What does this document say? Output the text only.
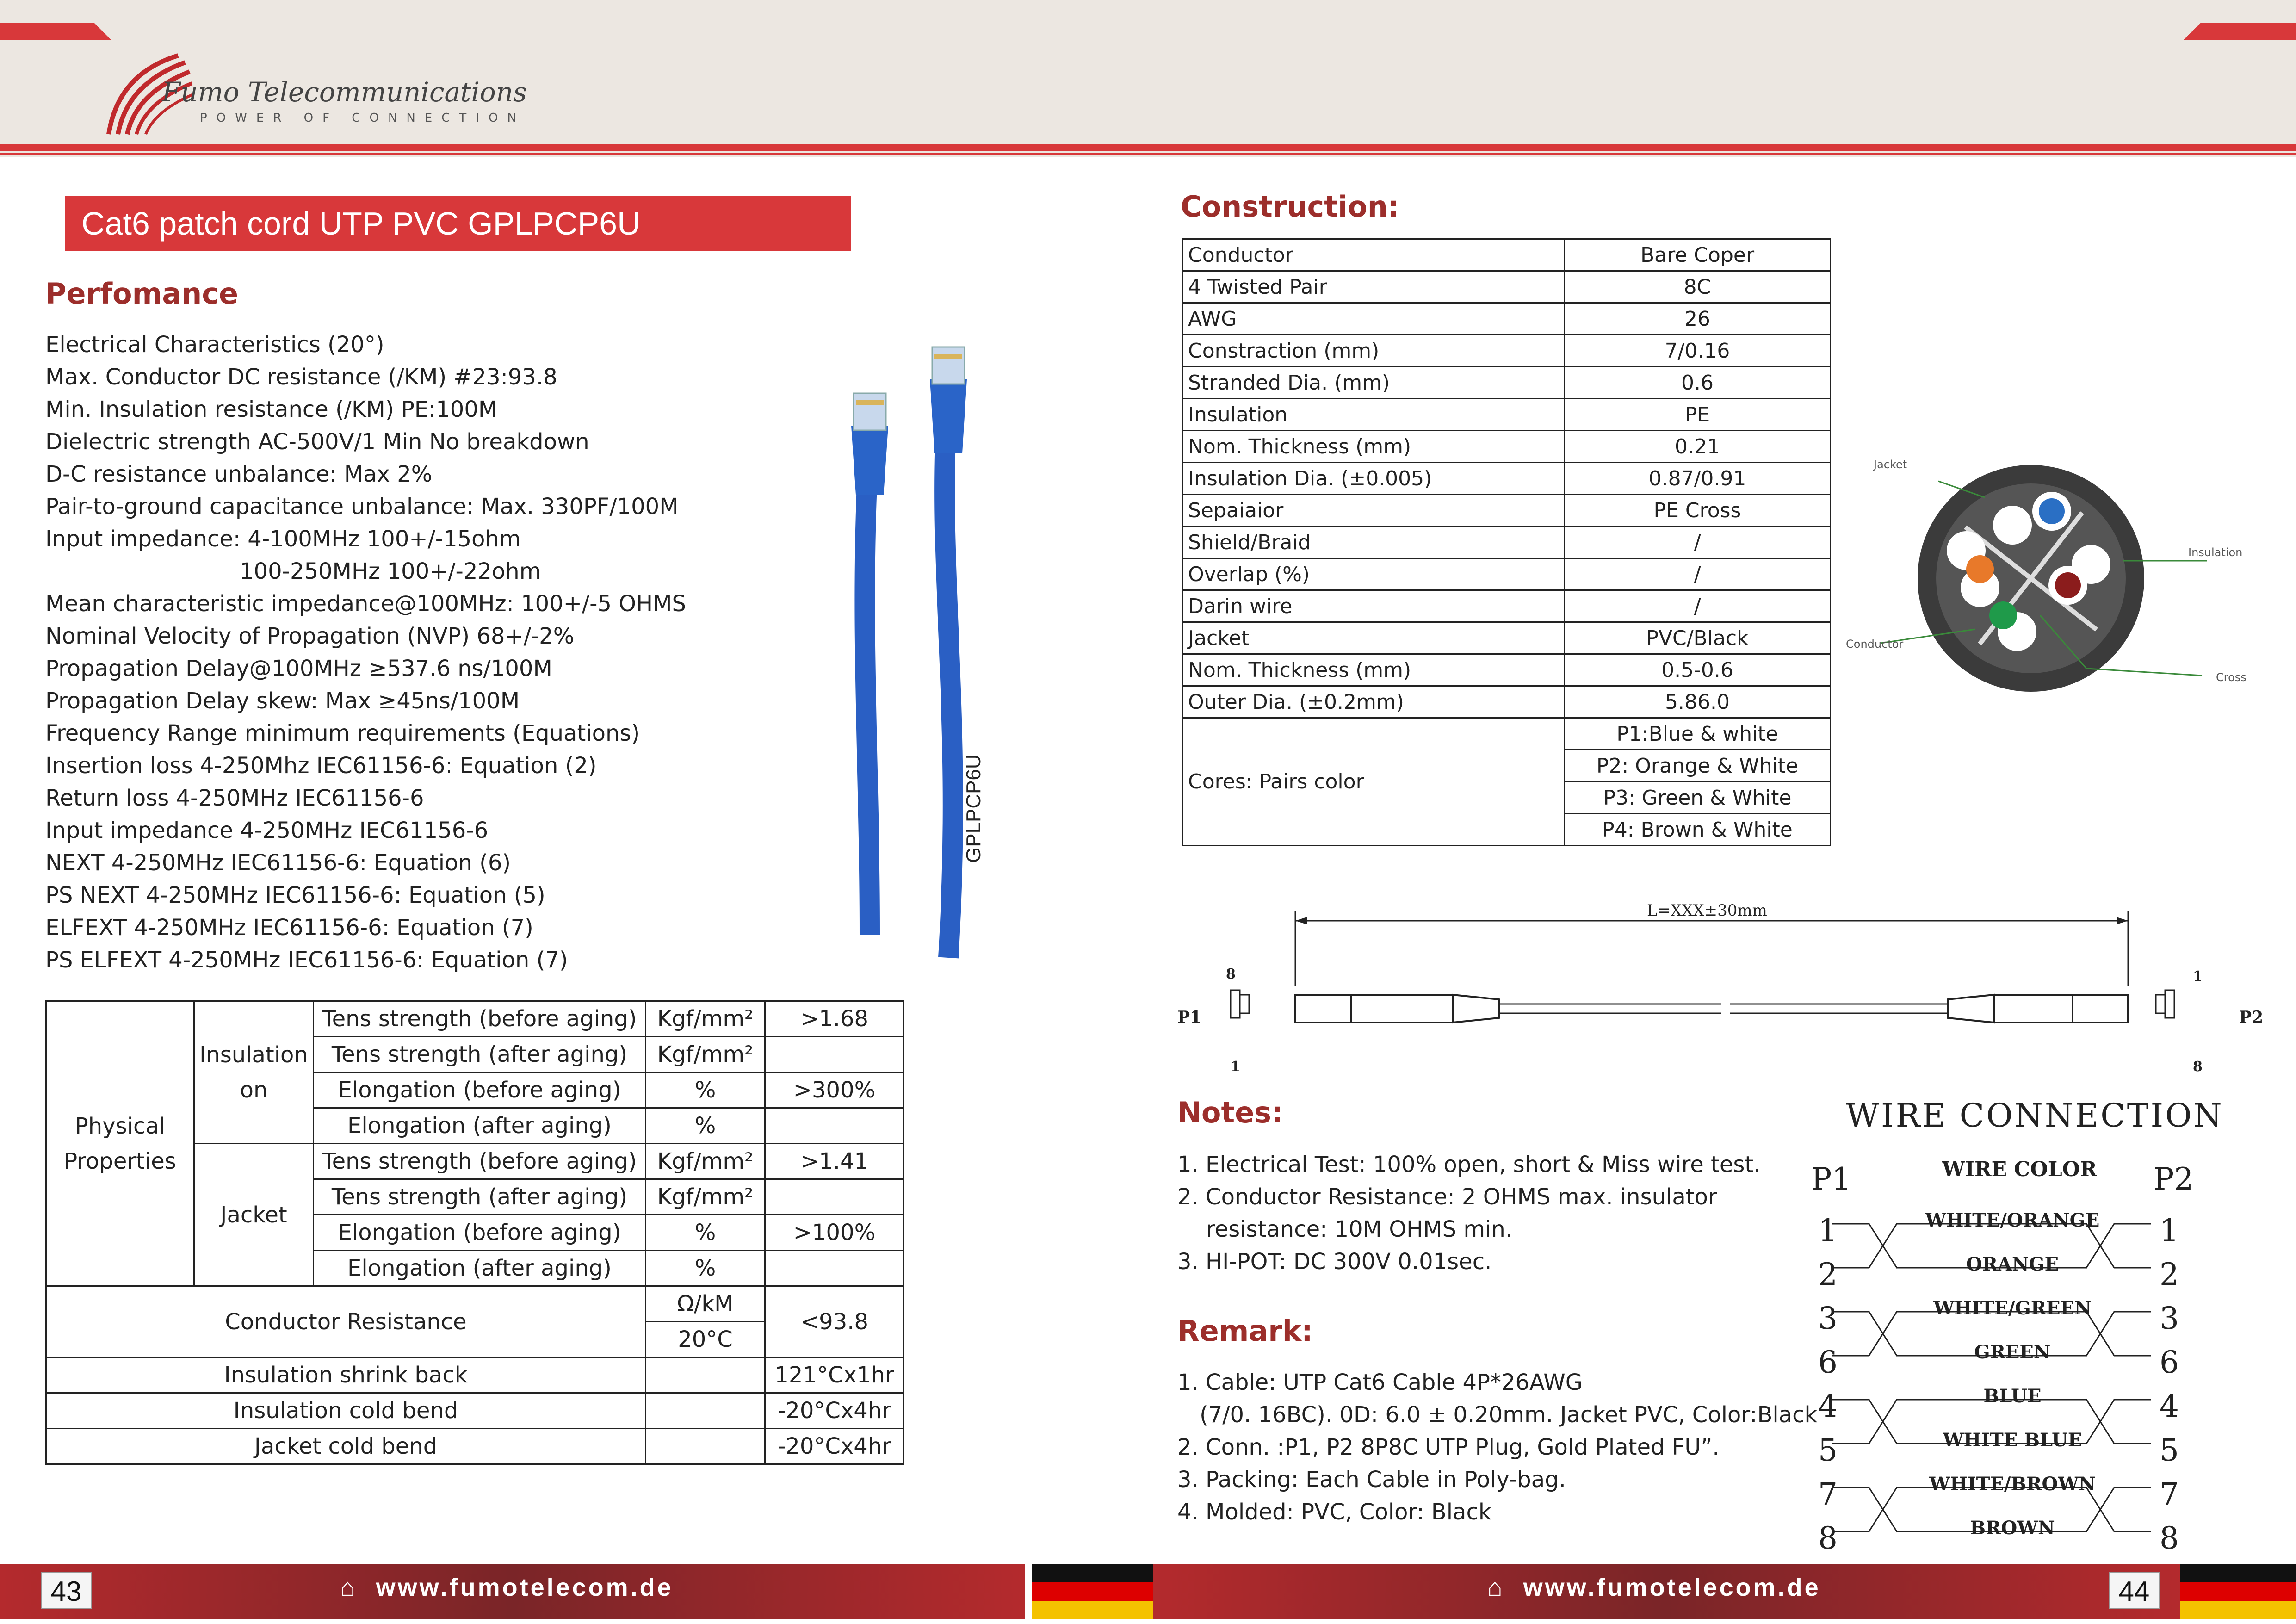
Fumo Telecommunications
POWER OF CONNECTION
Cat6 patch cord UTP PVC GPLPCP6U
Perfomance
Electrical Characteristics (20°)
Max. Conductor DC resistance (/KM) #23:93.8
Min. Insulation resistance (/KM) PE:100M
Dielectric strength AC-500V/1 Min No breakdown
D-C resistance unbalance: Max 2%
Pair-to-ground capacitance unbalance: Max. 330PF/100M
Input impedance: 4-100MHz 100+/-15ohm
100-250MHz 100+/-22ohm
Mean characteristic impedance@100MHz: 100+/-5 OHMS
Nominal Velocity of Propagation (NVP) 68+/-2%
Propagation Delay@100MHz ≥537.6 ns/100M
Propagation Delay skew: Max ≥45ns/100M
Frequency Range minimum requirements (Equations)
Insertion loss 4-250Mhz IEC61156-6: Equation (2)
Return loss 4-250MHz IEC61156-6
Input impedance 4-250MHz IEC61156-6
NEXT 4-250MHz IEC61156-6: Equation (6)
PS NEXT 4-250MHz IEC61156-6: Equation (5)
ELFEXT 4-250MHz IEC61156-6: Equation (7)
PS ELFEXT 4-250MHz IEC61156-6: Equation (7)
GPLPCP6U
Physical Properties	Insulation on	Tens strength (before aging)	Kgf/mm²	>1.68
		Tens strength (after aging)	Kgf/mm²	
		Elongation (before aging)	%	>300%
		Elongation (after aging)	%	
	Jacket	Tens strength (before aging)	Kgf/mm²	>1.41
		Tens strength (after aging)	Kgf/mm²	
		Elongation (before aging)	%	>100%
		Elongation (after aging)	%	
Conductor Resistance			Ω/kM	<93.8
			20°C	
Insulation shrink back				121°Cx1hr
Insulation cold bend				-20°Cx4hr
Jacket cold bend				-20°Cx4hr
Construction:
Conductor	Bare Coper
4 Twisted Pair	8C
AWG	26
Constraction (mm)	7/0.16
Stranded Dia. (mm)	0.6
Insulation	PE
Nom. Thickness (mm)	0.21
Insulation Dia. (±0.005)	0.87/0.91
Sepaiaior	PE Cross
Shield/Braid	/
Overlap (%)	/
Darin wire	/
Jacket	PVC/Black
Nom. Thickness (mm)	0.5-0.6
Outer Dia. (±0.2mm)	5.86.0
Cores: Pairs color	P1:Blue & white
	P2: Orange & White
	P3: Green & White
	P4: Brown & White
Jacket
Insulation
Conductor
Cross
L=XXX±30mm
P1	P2
8
1
1
8
Notes:
1. Electrical Test: 100% open, short & Miss wire test.
2. Conductor Resistance: 2 OHMS max. insulator
resistance: 10M OHMS min.
3. HI-POT: DC 300V 0.01sec.
Remark:
1. Cable: UTP Cat6 Cable 4P*26AWG
(7/0. 16BC). 0D: 6.0 ± 0.20mm. Jacket PVC, Color:Black
2. Conn. :P1, P2 8P8C UTP Plug, Gold Plated FU”.
3. Packing: Each Cable in Poly-bag.
4. Molded: PVC, Color: Black
WIRE CONNECTION
P1	P2
WIRE COLOR
1
2
3
6
4
5
7
8
1
2
3
6
4
5
7
8
WHITE/ORANGE
ORANGE
WHITE/GREEN
GREEN
BLUE
WHITE BLUE
WHITE/BROWN
BROWN
43	44
⌂ www.fumotelecom.de	⌂ www.fumotelecom.de
